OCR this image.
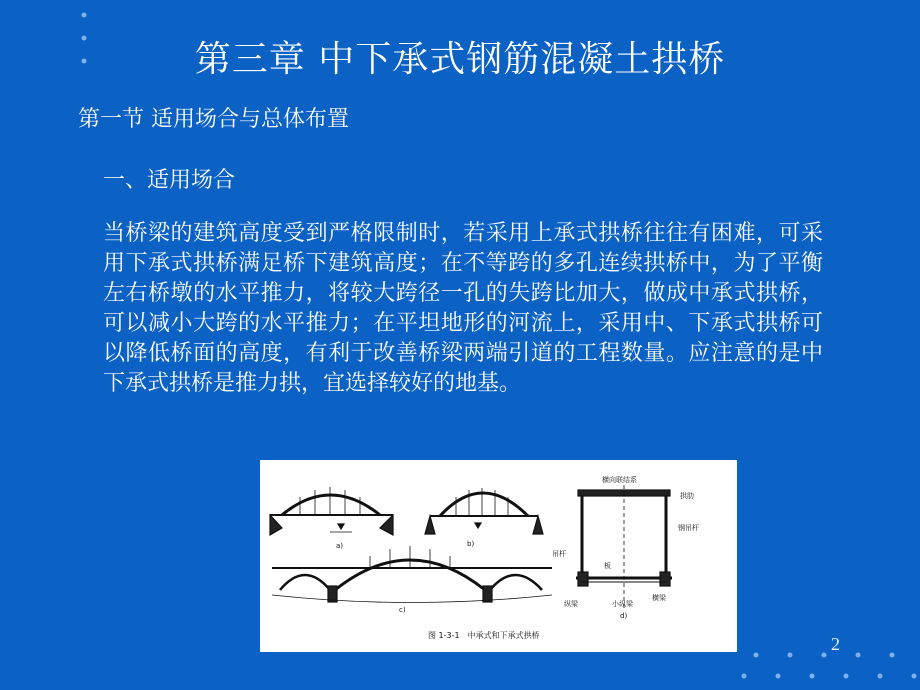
第三章 中下承式钢筋混凝土拱桥
第一节 适用场合与总体布置
一、适用场合
当桥梁的建筑高度受到严格限制时，若采用上承式拱桥往往有困难，可采用下承式拱桥满足桥下建筑高度；在不等跨的多孔连续拱桥中，为了平衡左右桥墩的水平推力，将较大跨径一孔的失跨比加大，做成中承式拱桥，可以减小大跨的水平推力；在平坦地形的河流上，采用中、下承式拱桥可以降低桥面的高度，有利于改善桥梁两端引道的工程数量。应注意的是中下承式拱桥是推力拱，宜选择较好的地基。
a)	b)
c)
横向联结系
拱肋
钢吊杆
吊杆
板
纵梁	小纵梁
横梁
d)
图 1-3-1　中承式和下承式拱桥	2
